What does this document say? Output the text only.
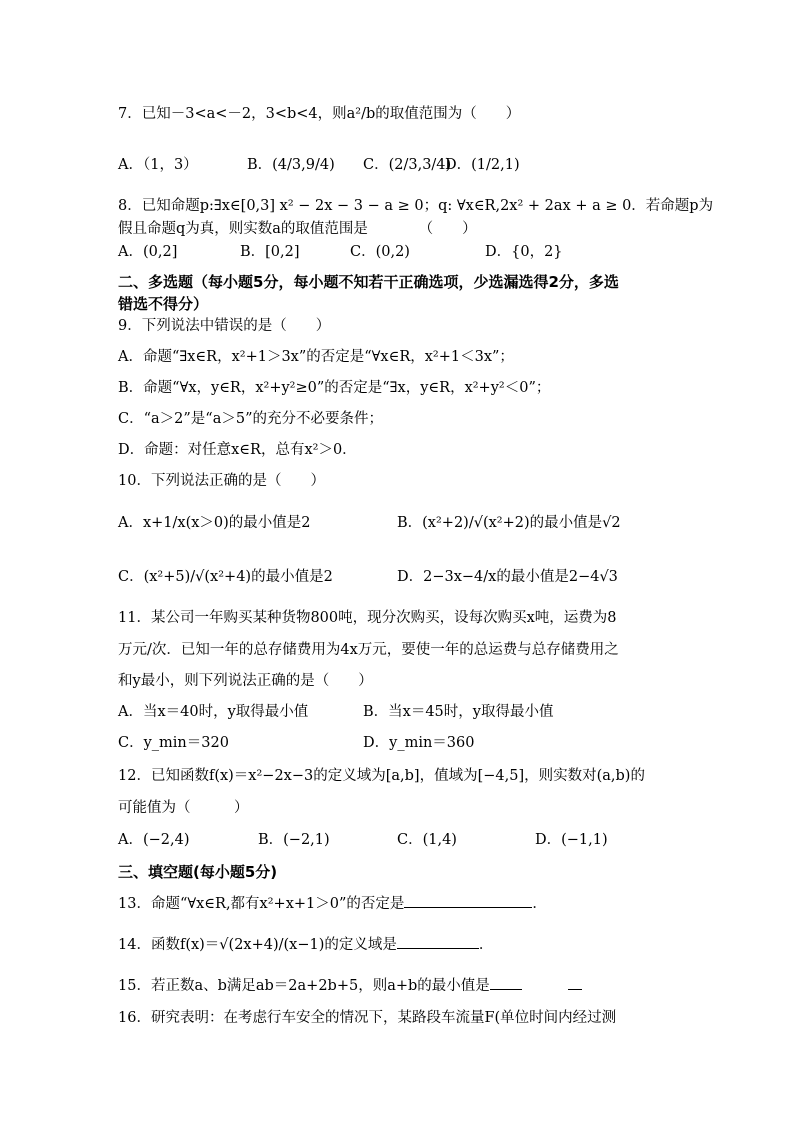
7．已知－3<a<－2，3<b<4，则a²/b的取值范围为（　　）
A．（1，3）	B．(4/3,9/4) C．(2/3,3/4)
D．(1/2,1)
8．已知命题p:∃x∈[0,3] x² − 2x − 3 − a ≥ 0；q: ∀x∈R,2x² + 2ax + a ≥ 0．若命题p为
假且命题q为真，则实数a的取值范围是　　　　（　　）
A．(0,2]	B．[0,2]	C．(0,2)	D．{0，2}
二、多选题（每小题5分，每小题不知若干正确选项，少选漏选得2分，多选
错选不得分）
9．下列说法中错误的是（　　）
A．命题“∃x∈R，x²+1＞3x”的否定是“∀x∈R，x²+1＜3x”；
B．命题“∀x，y∈R，x²+y²≥0”的否定是“∃x，y∈R，x²+y²＜0”；
C．“a＞2”是“a＞5”的充分不必要条件；
D．命题：对任意x∈R，总有x²＞0．
10．下列说法正确的是（　　）
A．x+1/x(x＞0)的最小值是2	B．(x²+2)/√(x²+2)的最小值是√2
C．(x²+5)/√(x²+4)的最小值是2	D．2−3x−4/x的最小值是2−4√3
11．某公司一年购买某种货物800吨，现分次购买，设每次购买x吨，运费为8
万元/次．已知一年的总存储费用为4x万元，要使一年的总运费与总存储费用之
和y最小，则下列说法正确的是（　　）
A．当x＝40时，y取得最小值	B．当x＝45时，y取得最小值
C．y_min＝320	D．y_min＝360
12．已知函数f(x)＝x²−2x−3的定义域为[a,b]，值域为[−4,5]，则实数对(a,b)的
可能值为（　　　）
A．(−2,4)	B．(−2,1)	C．(1,4)	D．(−1,1)
三、填空题(每小题5分)
13．命题“∀x∈R,都有x²+x+1＞0”的否定是	．
14．函数f(x)＝√(2x+4)/(x−1)的定义域是	．
15．若正数a、b满足ab＝2a+2b+5，则a+b的最小值是
16．研究表明：在考虑行车安全的情况下，某路段车流量F(单位时间内经过测
